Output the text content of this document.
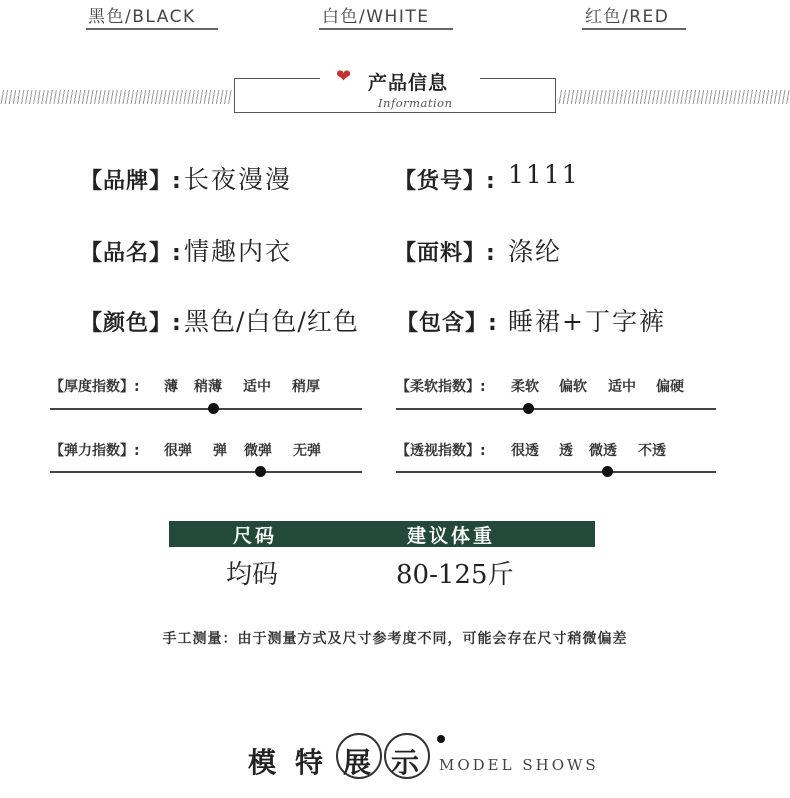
黑色/BLACK	白色/WHITE	红色/RED
❤ 产品信息
Information
【品牌】: 长夜漫漫	【货号】: 1111
【品名】: 情趣内衣	【面料】: 涤纶
【颜色】: 黑色/白色/红色 【包含】: 睡裙+丁字裤
【厚度指数】: 薄 稍薄 适中 稍厚	【柔软指数】: 柔软 偏软 适中 偏硬
【弹力指数】: 很弹 弹 微弹 无弹	【透视指数】: 很透 透 微透 不透
尺码	建议体重
均码	80-125斤
手工测量：由于测量方式及尺寸参考度不同，可能会存在尺寸稍微偏差
模 特 展 示 MODEL SHOWS
